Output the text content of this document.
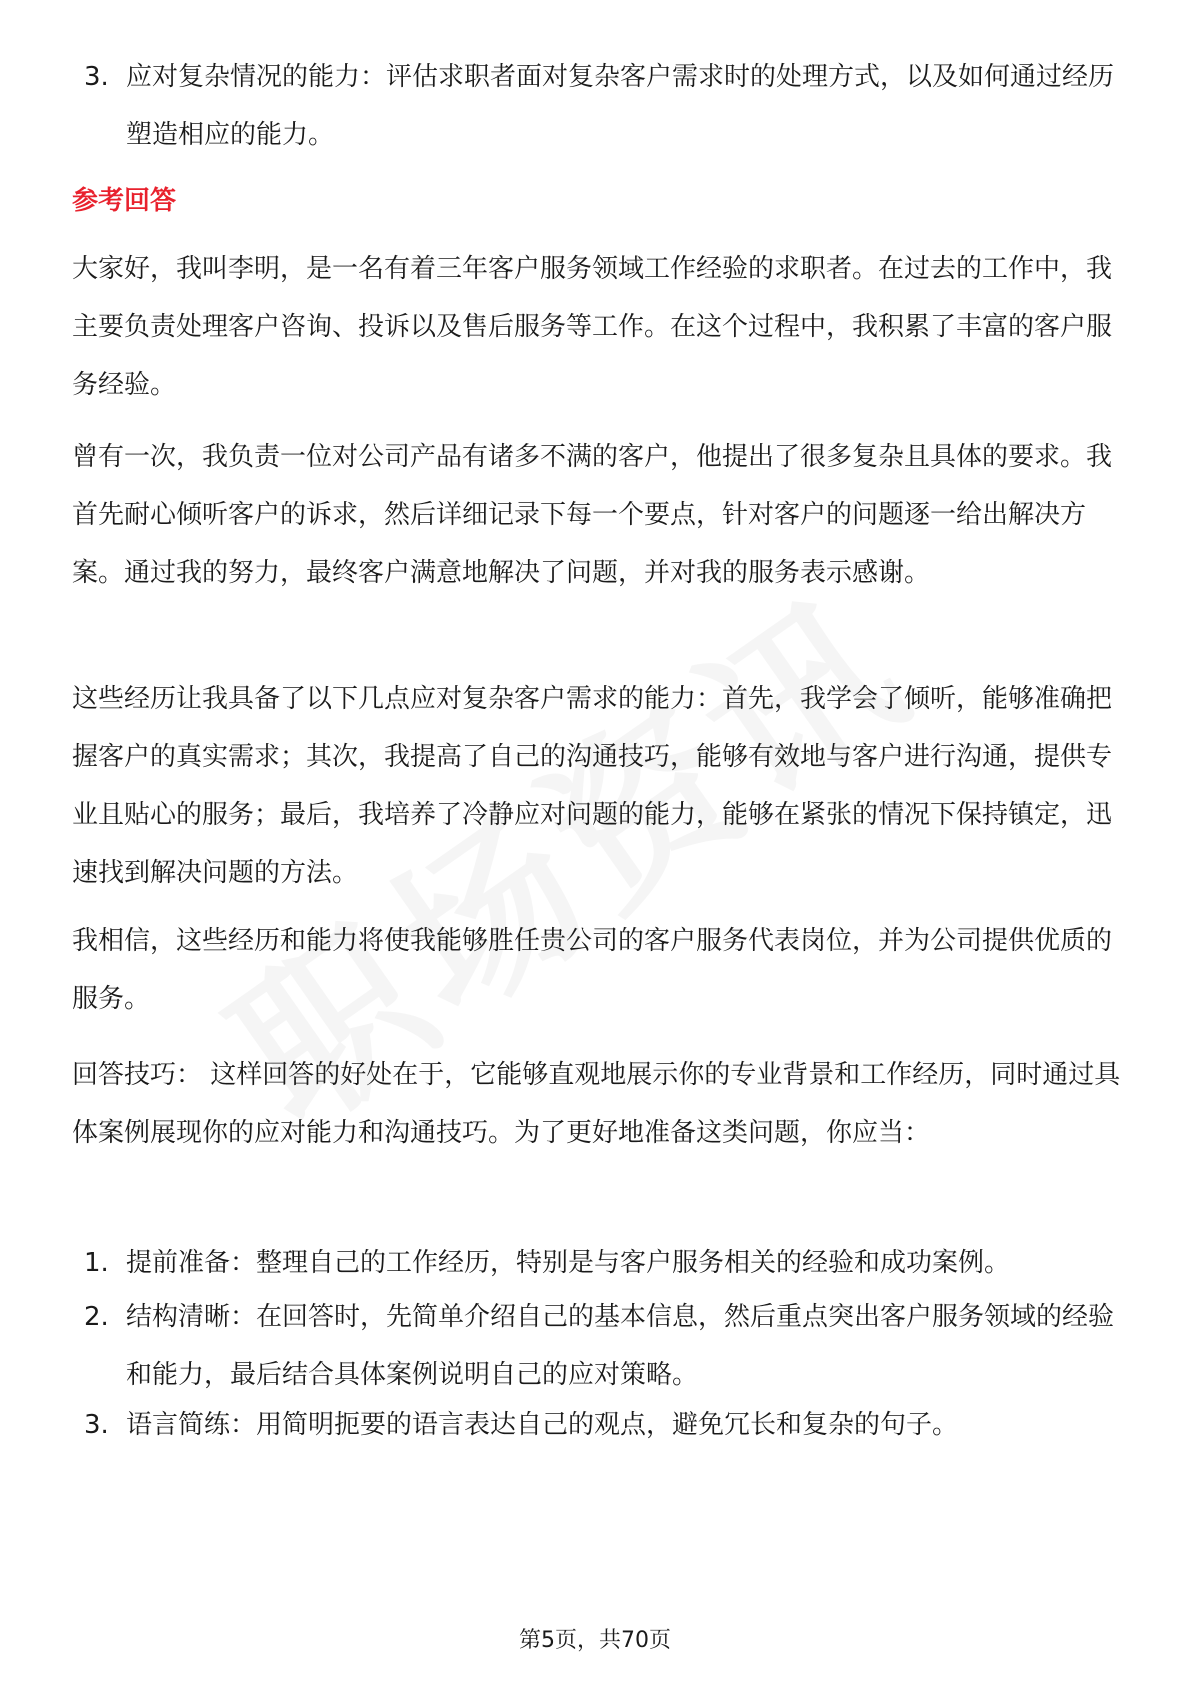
3. 应对复杂情况的能力：评估求职者面对复杂客户需求时的处理方式，以及如何通过经历塑造相应的能力。
参考回答
大家好，我叫李明，是一名有着三年客户服务领域工作经验的求职者。在过去的工作中，我主要负责处理客户咨询、投诉以及售后服务等工作。在这个过程中，我积累了丰富的客户服务经验。
曾有一次，我负责一位对公司产品有诸多不满的客户，他提出了很多复杂且具体的要求。我首先耐心倾听客户的诉求，然后详细记录下每一个要点，针对客户的问题逐一给出解决方案。通过我的努力，最终客户满意地解决了问题，并对我的服务表示感谢。
这些经历让我具备了以下几点应对复杂客户需求的能力：首先，我学会了倾听，能够准确把握客户的真实需求；其次，我提高了自己的沟通技巧，能够有效地与客户进行沟通，提供专业且贴心的服务；最后，我培养了冷静应对问题的能力，能够在紧张的情况下保持镇定，迅速找到解决问题的方法。
我相信，这些经历和能力将使我能够胜任贵公司的客户服务代表岗位，并为公司提供优质的服务。
回答技巧： 这样回答的好处在于，它能够直观地展示你的专业背景和工作经历，同时通过具体案例展现你的应对能力和沟通技巧。为了更好地准备这类问题，你应当：
1. 提前准备：整理自己的工作经历，特别是与客户服务相关的经验和成功案例。
2. 结构清晰：在回答时，先简单介绍自己的基本信息，然后重点突出客户服务领域的经验和能力，最后结合具体案例说明自己的应对策略。
3. 语言简练：用简明扼要的语言表达自己的观点，避免冗长和复杂的句子。
第5页，共70页
